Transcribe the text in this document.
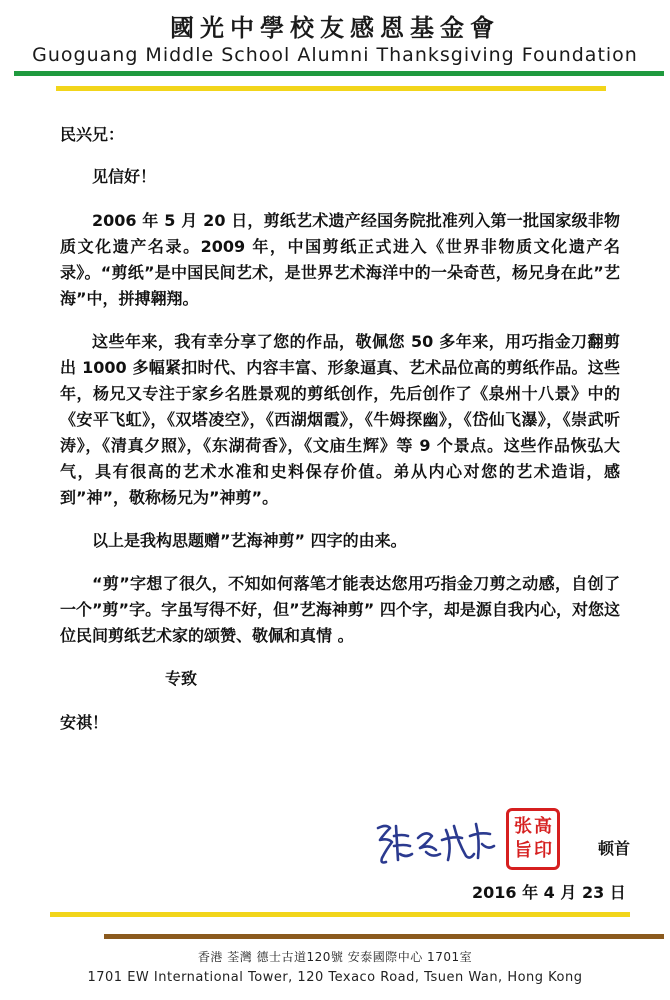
國光中學校友感恩基金會
Guoguang Middle School Alumni Thanksgiving Foundation

民兴兄：

见信好！

2006 年 5 月 20 日，剪纸艺术遗产经国务院批准列入第一批国家级非物质文化遗产名录。2009 年，中国剪纸正式进入《世界非物质文化遗产名录》。“剪纸”是中国民间艺术，是世界艺术海洋中的一朵奇芭，杨兄身在此”艺海”中，拼搏翱翔。

这些年来，我有幸分享了您的作品，敬佩您 50 多年来，用巧指金刀翻剪出 1000 多幅紧扣时代、内容丰富、形象逼真、艺术品位高的剪纸作品。这些年，杨兄又专注于家乡名胜景观的剪纸创作，先后创作了《泉州十八景》中的《安平飞虹》，《双塔凌空》，《西湖烟霞》，《牛姆探幽》，《岱仙飞瀑》，《崇武听涛》，《清真夕照》，《东湖荷香》，《文庙生辉》等 9 个景点。这些作品恢弘大气，具有很高的艺术水准和史料保存价值。弟从内心对您的艺术造诣，感到”神”，敬称杨兄为”神剪”。

以上是我构思题赠”艺海神剪” 四字的由来。

“剪”字想了很久，不知如何落笔才能表达您用巧指金刀剪之动感，自创了一个”剪”字。字虽写得不好，但”艺海神剪” 四个字，却是源自我内心，对您这位民间剪纸艺术家的颂赞、敬佩和真情 。

专致

安祺！

张 高
旨 印	顿首
2016 年 4 月 23 日
香港 荃灣 德士古道120號 安泰國際中心 1701室
1701 EW International Tower, 120 Texaco Road, Tsuen Wan, Hong Kong
